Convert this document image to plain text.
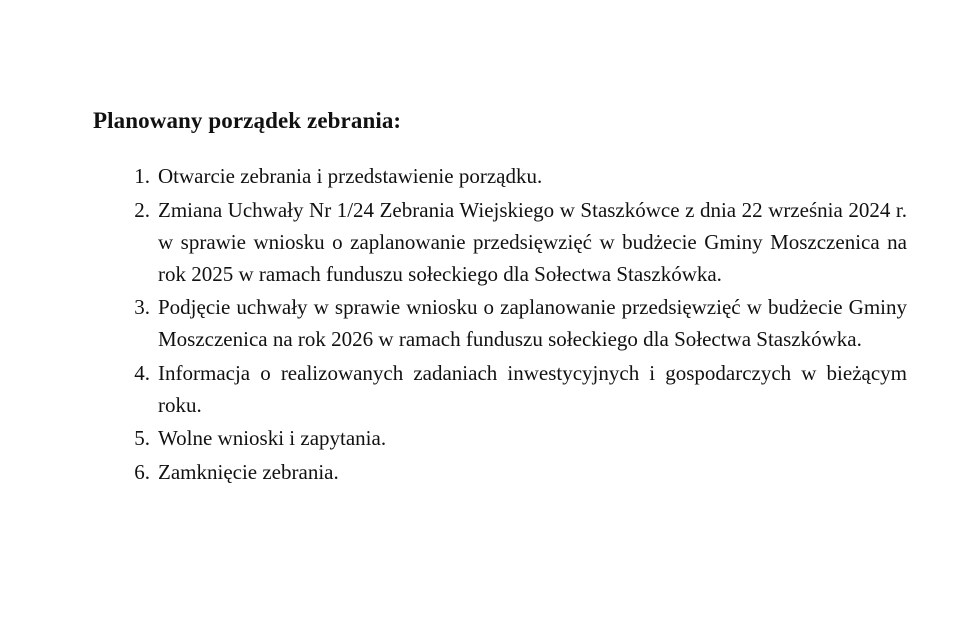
Planowany porządek zebrania:
1. Otwarcie zebrania i przedstawienie porządku.
2. Zmiana Uchwały Nr 1/24 Zebrania Wiejskiego w Staszkówce z dnia 22 września 2024 r. w sprawie wniosku o zaplanowanie przedsięwzięć w budżecie Gminy Moszczenica na rok 2025 w ramach funduszu sołeckiego dla Sołectwa Staszkówka.
3. Podjęcie uchwały w sprawie wniosku o zaplanowanie przedsięwzięć w budżecie Gminy Moszczenica na rok 2026 w ramach funduszu sołeckiego dla Sołectwa Staszkówka.
4. Informacja o realizowanych zadaniach inwestycyjnych i gospodarczych w bieżącym roku.
5. Wolne wnioski i zapytania.
6. Zamknięcie zebrania.
